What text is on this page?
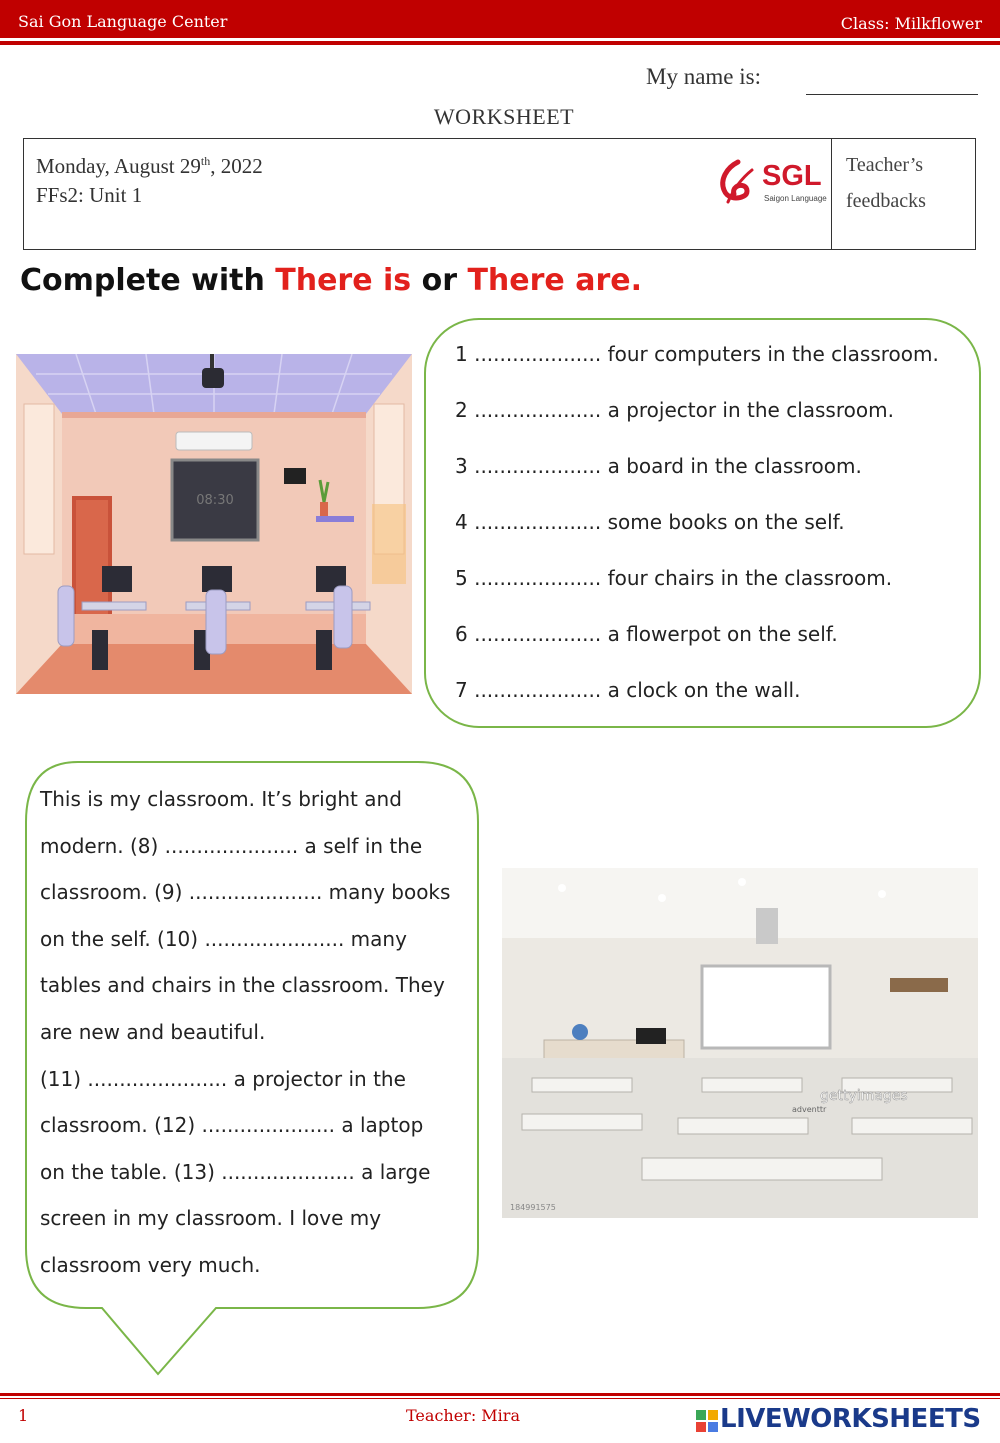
Sai Gon Language Center	Class: Milkflower
My name is:
WORKSHEET
Monday, August 29th, 2022
FFs2: Unit 1
Teacher’s
feedbacks
SGL
Saigon Language
Complete with There is or There are.
08:30
1 .................... four computers in the classroom.
2 .................... a projector in the classroom.
3 .................... a board in the classroom.
4 .................... some books on the self.
5 .................... four chairs in the classroom.
6 .................... a flowerpot on the self.
7 .................... a clock on the wall.
This is my classroom. It’s bright and
modern. (8) ..................... a self in the
classroom. (9) ..................... many books
on the self. (10) ...................... many
tables and chairs in the classroom. They
are new and beautiful.
(11) ...................... a projector in the
classroom. (12) ..................... a laptop
on the table. (13) ..................... a large
screen in my classroom. I love my
classroom very much.
gettyimages
adventtr
184991575
1	Teacher: Mira	LIVEWORKSHEETS
